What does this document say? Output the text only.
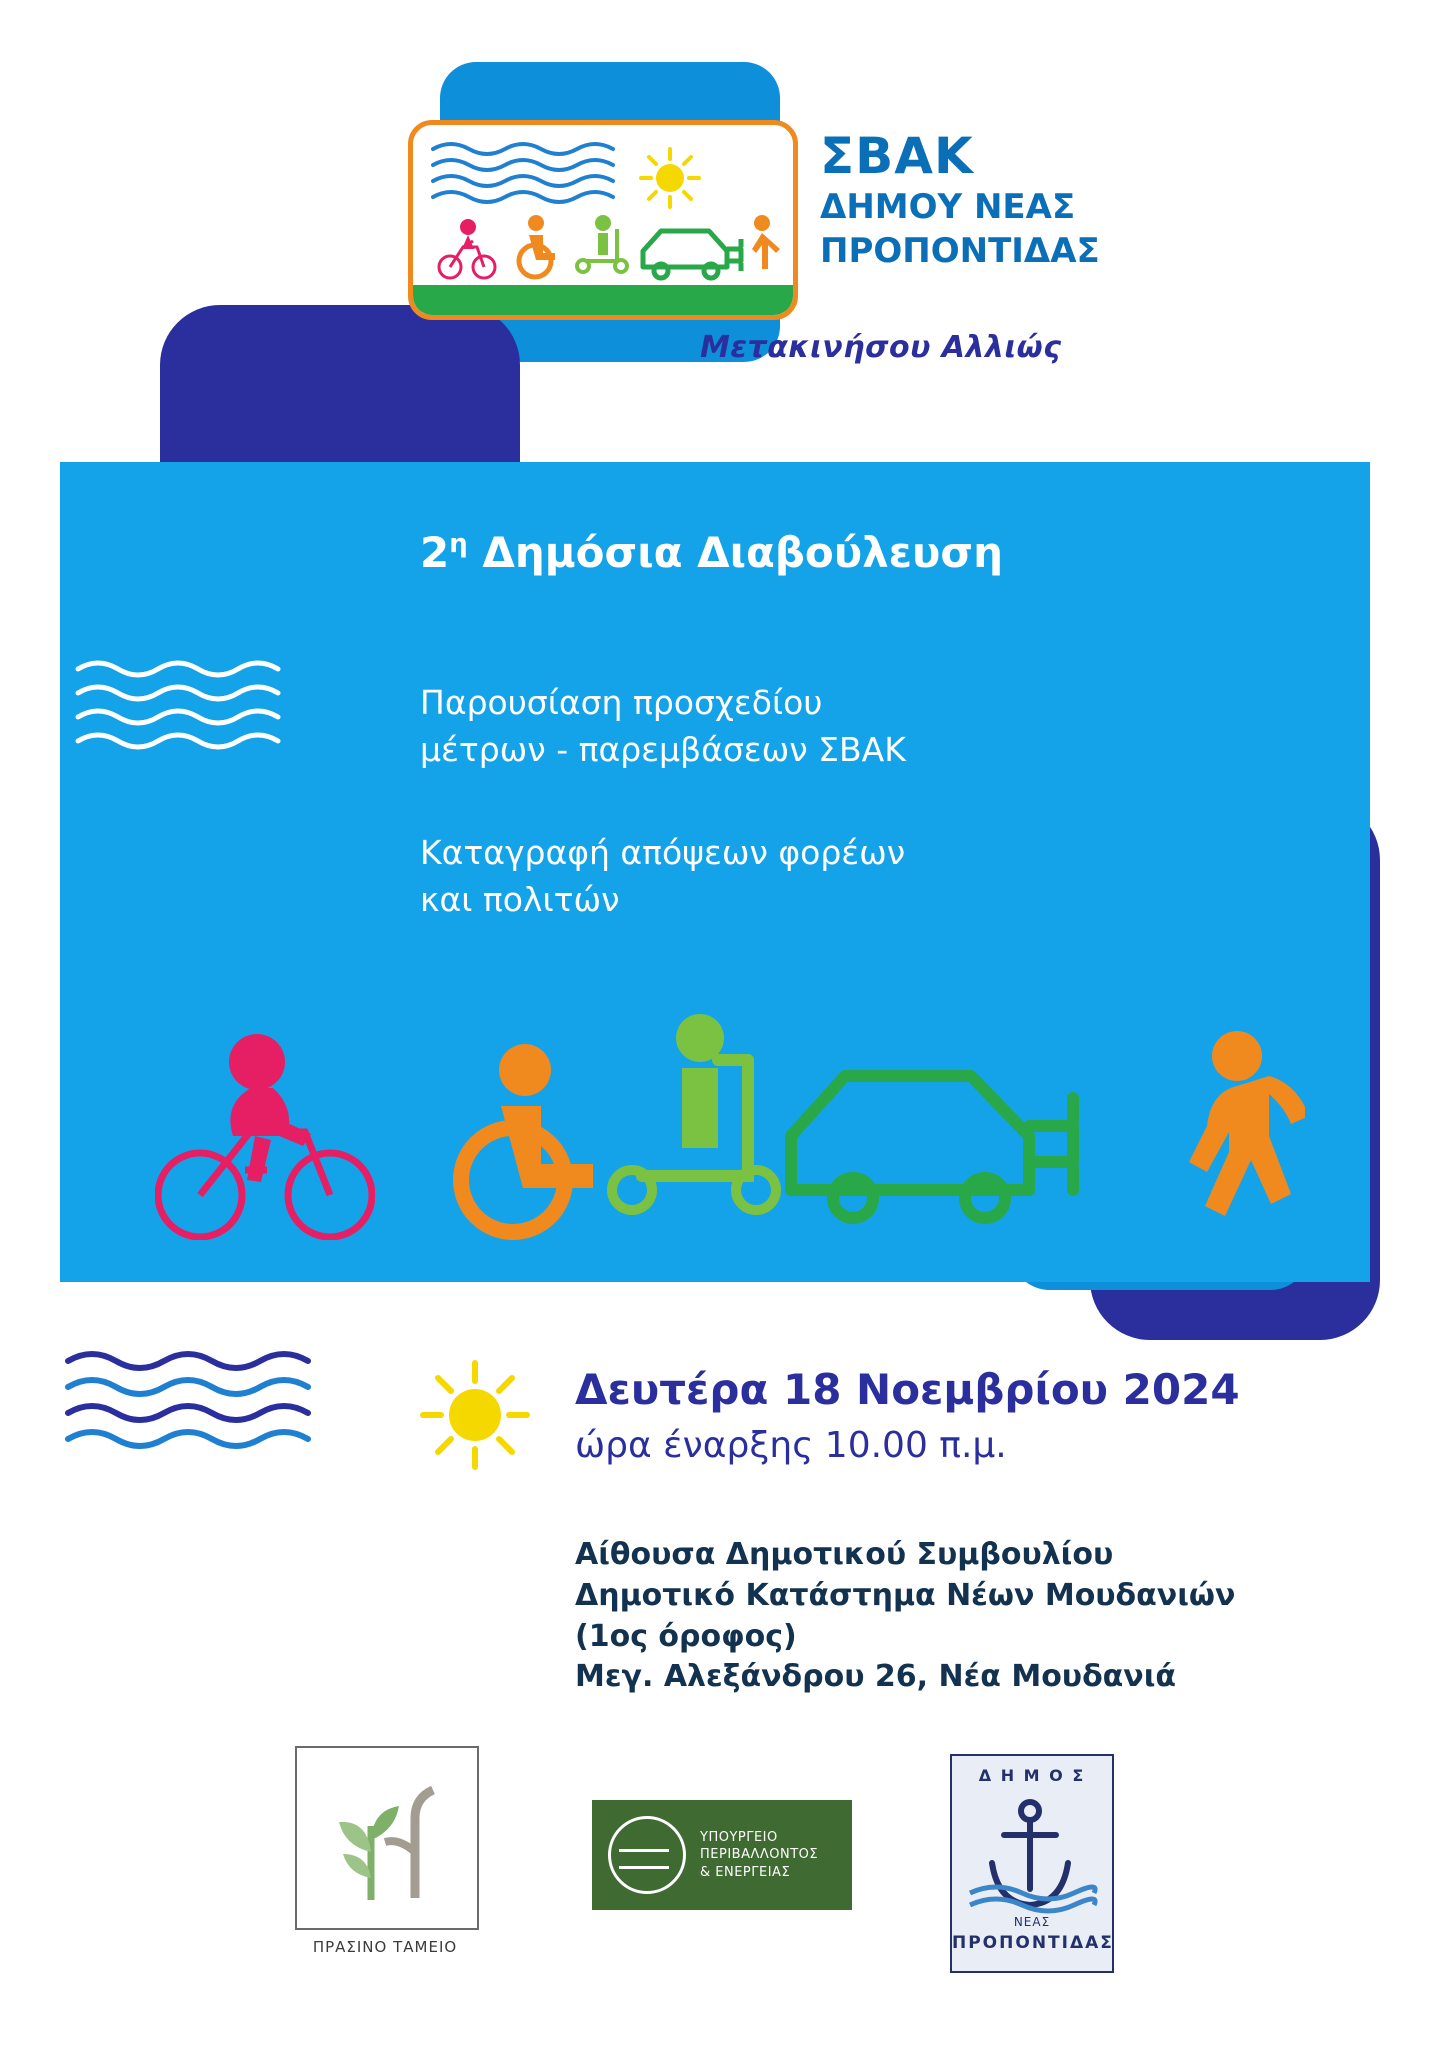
ΣΒΑΚ
ΔΗΜΟΥ ΝΕΑΣ
ΠΡΟΠΟΝΤΙΔΑΣ
Μετακινήσου Αλλιώς
$2^\eta$ Δημόσια Διαβούλευση
Παρουσίαση προσχεδίου
μέτρων - παρεμβάσεων ΣΒΑΚ
Καταγραφή απόψεων φορέων
και πολιτών
Δευτέρα 18 Νοεμβρίου 2024
ώρα έναρξης 10.00 π.μ.
Αίθουσα Δημοτικού Συμβουλίου
Δημοτικό Κατάστημα Νέων Μουδανιών
(1ος όροφος)
Μεγ. Αλεξάνδρου 26, Νέα Μουδανιά
ΠΡΑΣΙΝΟ ΤΑΜΕΙΟ
ΥΠΟΥΡΓΕΙΟ
ΠΕΡΙΒΑΛΛΟΝΤΟΣ
& ΕΝΕΡΓΕΙΑΣ
Δ Η Μ Ο Σ
ΝΕΑΣ
ΠΡΟΠΟΝΤΙΔΑΣ
